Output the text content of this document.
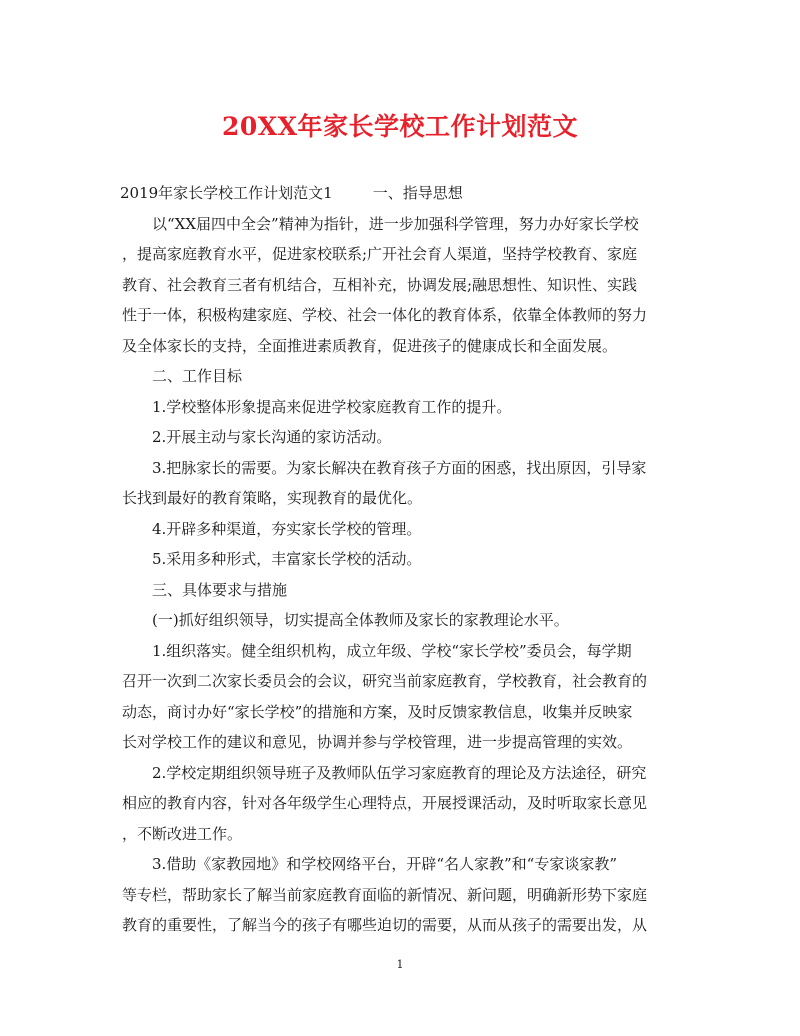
20XX年家长学校工作计划范文
2019年家长学校工作计划范文1	一、指导思想
以“XX届四中全会”精神为指针，进一步加强科学管理，努力办好家长学校
，提高家庭教育水平，促进家校联系;广开社会育人渠道，坚持学校教育、家庭
教育、社会教育三者有机结合，互相补充，协调发展;融思想性、知识性、实践
性于一体，积极构建家庭、学校、社会一体化的教育体系，依靠全体教师的努力
及全体家长的支持，全面推进素质教育，促进孩子的健康成长和全面发展。
二、工作目标
1.学校整体形象提高来促进学校家庭教育工作的提升。
2.开展主动与家长沟通的家访活动。
3.把脉家长的需要。为家长解决在教育孩子方面的困惑，找出原因，引导家
长找到最好的教育策略，实现教育的最优化。
4.开辟多种渠道，夯实家长学校的管理。
5.采用多种形式，丰富家长学校的活动。
三、具体要求与措施
(一)抓好组织领导，切实提高全体教师及家长的家教理论水平。
1.组织落实。健全组织机构，成立年级、学校“家长学校”委员会，每学期
召开一次到二次家长委员会的会议，研究当前家庭教育，学校教育，社会教育的
动态，商讨办好“家长学校”的措施和方案，及时反馈家教信息，收集并反映家
长对学校工作的建议和意见，协调并参与学校管理，进一步提高管理的实效。
2.学校定期组织领导班子及教师队伍学习家庭教育的理论及方法途径，研究
相应的教育内容，针对各年级学生心理特点，开展授课活动，及时听取家长意见
，不断改进工作。
3.借助《家教园地》和学校网络平台，开辟“名人家教”和“专家谈家教”
等专栏，帮助家长了解当前家庭教育面临的新情况、新问题，明确新形势下家庭
教育的重要性，了解当今的孩子有哪些迫切的需要，从而从孩子的需要出发，从
1
